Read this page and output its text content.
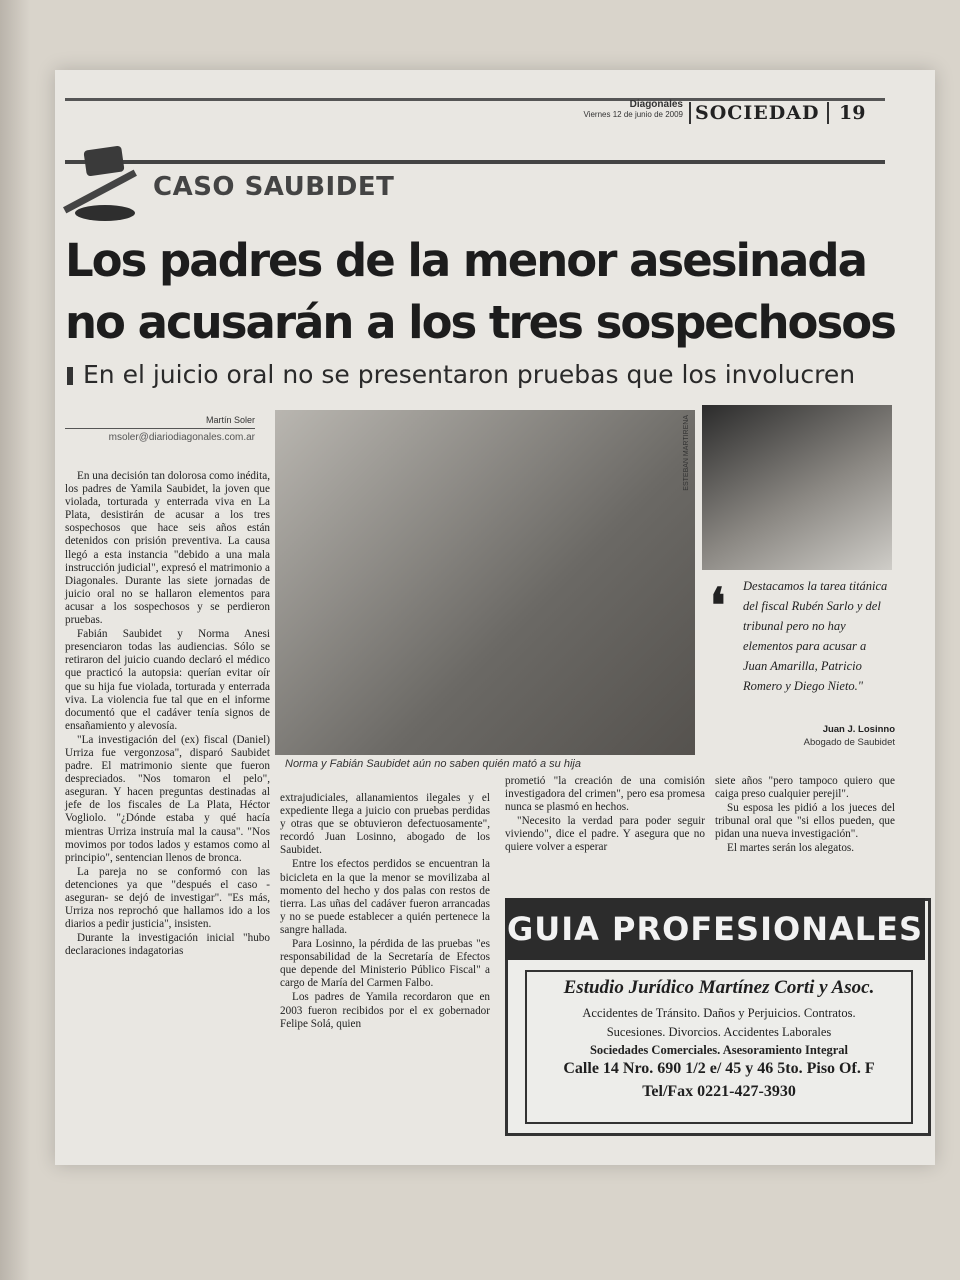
Diagonales
Viernes 12 de junio de 2009 SOCIEDAD 19
CASO SAUBIDET
Los padres de la menor asesinada no acusarán a los tres sospechosos
En el juicio oral no se presentaron pruebas que los involucren
Martín Soler
msoler@diariodiagonales.com.ar

En una decisión tan dolorosa como inédita, los padres de Yamila Saubidet, la joven que violada, torturada y enterrada viva en La Plata, desistirán de acusar a los tres sospechosos que hace seis años están detenidos con prisión preventiva. La causa llegó a esta instancia "debido a una mala instrucción judicial", expresó el matrimonio a Diagonales. Durante las siete jornadas de juicio oral no se hallaron elementos para acusar a los sospechosos y se perdieron pruebas.

Fabián Saubidet y Norma Anesi presenciaron todas las audiencias. Sólo se retiraron del juicio cuando declaró el médico que practicó la autopsia: querían evitar oír que su hija fue violada, torturada y enterrada viva. La violencia fue tal que en el informe documentó que el cadáver tenía signos de ensañamiento y alevosía.

"La investigación del (ex) fiscal (Daniel) Urriza fue vergonzosa", disparó Saubidet padre. El matrimonio siente que fueron despreciados. "Nos tomaron el pelo", aseguran. Y hacen preguntas destinadas al jefe de los fiscales de La Plata, Héctor Vogliolo. "¿Dónde estaba y qué hacía mientras Urriza instruía mal la causa". "Nos movimos por todos lados y estamos como al principio", sentencian llenos de bronca.

La pareja no se conformó con las detenciones ya que "después el caso -aseguran- se dejó de investigar". "Es más, Urriza nos reprochó que hallamos ido a los diarios a pedir justicia", insisten.

Durante la investigación inicial "hubo declaraciones indagatorias

ESTEBAN MARTIRENA
Norma y Fabián Saubidet aún no saben quién mató a su hija
❛ Destacamos la tarea titánica del fiscal Rubén Sarlo y del tribunal pero no hay elementos para acusar a Juan Amarilla, Patricio Romero y Diego Nieto."
Juan J. Losinno
Abogado de Saubidet

extrajudiciales, allanamientos ilegales y el expediente llega a juicio con pruebas perdidas y otras que se obtuvieron defectuosamente", recordó Juan Losinno, abogado de los Saubidet.

Entre los efectos perdidos se encuentran la bicicleta en la que la menor se movilizaba al momento del hecho y dos palas con restos de tierra. Las uñas del cadáver fueron arrancadas y no se puede establecer a quién pertenece la sangre hallada.

Para Losinno, la pérdida de las pruebas "es responsabilidad de la Secretaría de Efectos que depende del Ministerio Público Fiscal" a cargo de María del Carmen Falbo.

Los padres de Yamila recordaron que en 2003 fueron recibidos por el ex gobernador Felipe Solá, quien

prometió "la creación de una comisión investigadora del crimen", pero esa promesa nunca se plasmó en hechos.

"Necesito la verdad para poder seguir viviendo", dice el padre. Y asegura que no quiere volver a esperar

siete años "pero tampoco quiero que caiga preso cualquier perejil".

Su esposa les pidió a los jueces del tribunal oral que "si ellos pueden, que pidan una nueva investigación".

El martes serán los alegatos.

GUIA PROFESIONALES
Estudio Jurídico Martínez Corti y Asoc.
Accidentes de Tránsito. Daños y Perjuicios. Contratos.
Sucesiones. Divorcios. Accidentes Laborales
Sociedades Comerciales. Asesoramiento Integral
Calle 14 Nro. 690 1/2 e/ 45 y 46 5to. Piso Of. F
Tel/Fax 0221-427-3930
